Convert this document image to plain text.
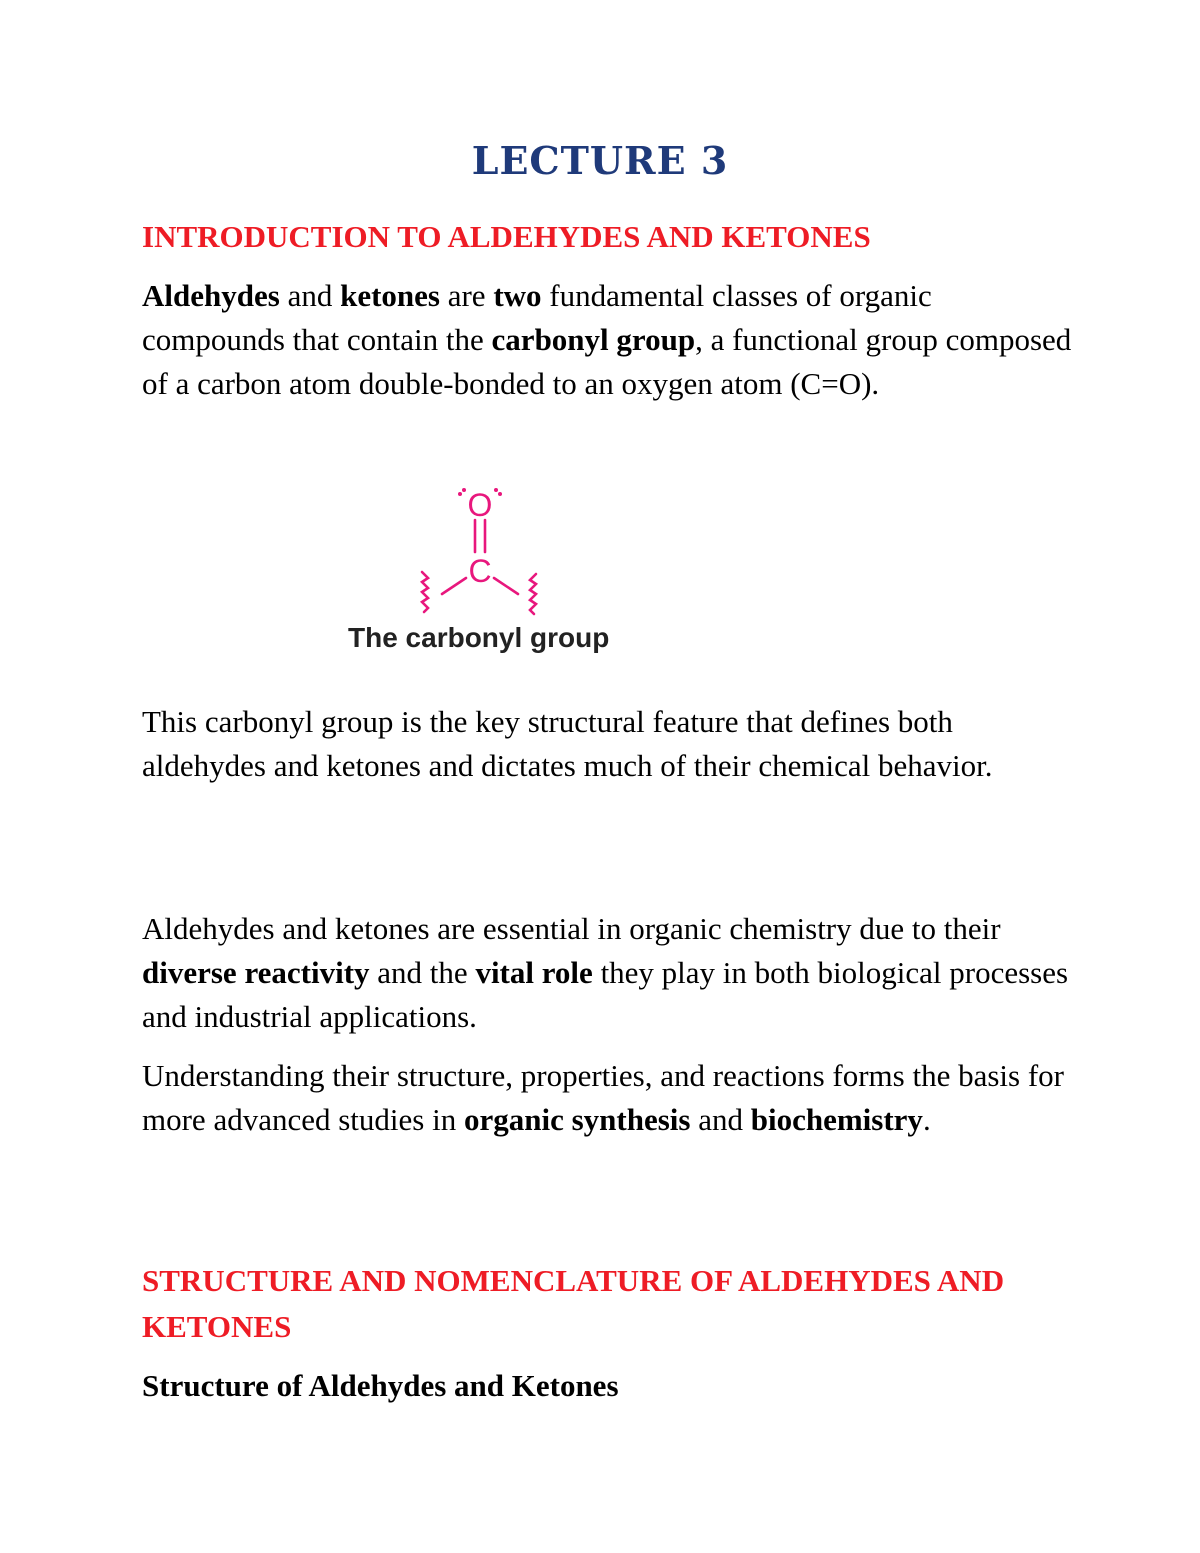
LECTURE 3
INTRODUCTION TO ALDEHYDES AND KETONES

Aldehydes and ketones are two fundamental classes of organic compounds that contain the carbonyl group, a functional group composed of a carbon atom double-bonded to an oxygen atom (C=O).

O
C
The carbonyl group

This carbonyl group is the key structural feature that defines both aldehydes and ketones and dictates much of their chemical behavior.

Aldehydes and ketones are essential in organic chemistry due to their diverse reactivity and the vital role they play in both biological processes and industrial applications.

Understanding their structure, properties, and reactions forms the basis for more advanced studies in organic synthesis and biochemistry.

STRUCTURE AND NOMENCLATURE OF ALDEHYDES AND KETONES
Structure of Aldehydes and Ketones
